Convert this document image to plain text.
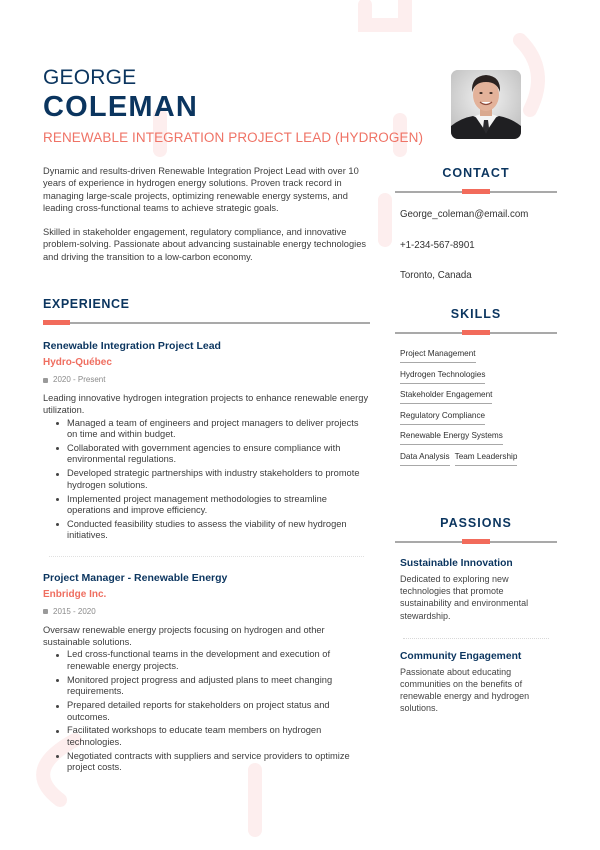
GEORGE
COLEMAN
RENEWABLE INTEGRATION PROJECT LEAD (HYDROGEN)

Dynamic and results-driven Renewable Integration Project Lead with over 10 years of experience in hydrogen energy solutions. Proven track record in managing large-scale projects, optimizing renewable energy systems, and leading cross-functional teams to achieve strategic goals.

Skilled in stakeholder engagement, regulatory compliance, and innovative problem-solving. Passionate about advancing sustainable energy technologies and driving the transition to a low-carbon economy.

EXPERIENCE
Renewable Integration Project Lead
Hydro-Québec
2020 - Present
Leading innovative hydrogen integration projects to enhance renewable energy utilization.
Managed a team of engineers and project managers to deliver projects on time and within budget.
Collaborated with government agencies to ensure compliance with environmental regulations.
Developed strategic partnerships with industry stakeholders to promote hydrogen solutions.
Implemented project management methodologies to streamline operations and improve efficiency.
Conducted feasibility studies to assess the viability of new hydrogen initiatives.
Project Manager - Renewable Energy
Enbridge Inc.
2015 - 2020
Oversaw renewable energy projects focusing on hydrogen and other sustainable solutions.
Led cross-functional teams in the development and execution of renewable energy projects.
Monitored project progress and adjusted plans to meet changing requirements.
Prepared detailed reports for stakeholders on project status and outcomes.
Facilitated workshops to educate team members on hydrogen technologies.
Negotiated contracts with suppliers and service providers to optimize project costs.
CONTACT
George_coleman@email.com
+1-234-567-8901
Toronto, Canada
SKILLS
Project Management
Hydrogen Technologies
Stakeholder Engagement
Regulatory Compliance
Renewable Energy Systems
Data Analysis Team Leadership
PASSIONS
Sustainable Innovation
Dedicated to exploring new technologies that promote sustainability and environmental stewardship.
Community Engagement
Passionate about educating communities on the benefits of renewable energy and hydrogen solutions.
